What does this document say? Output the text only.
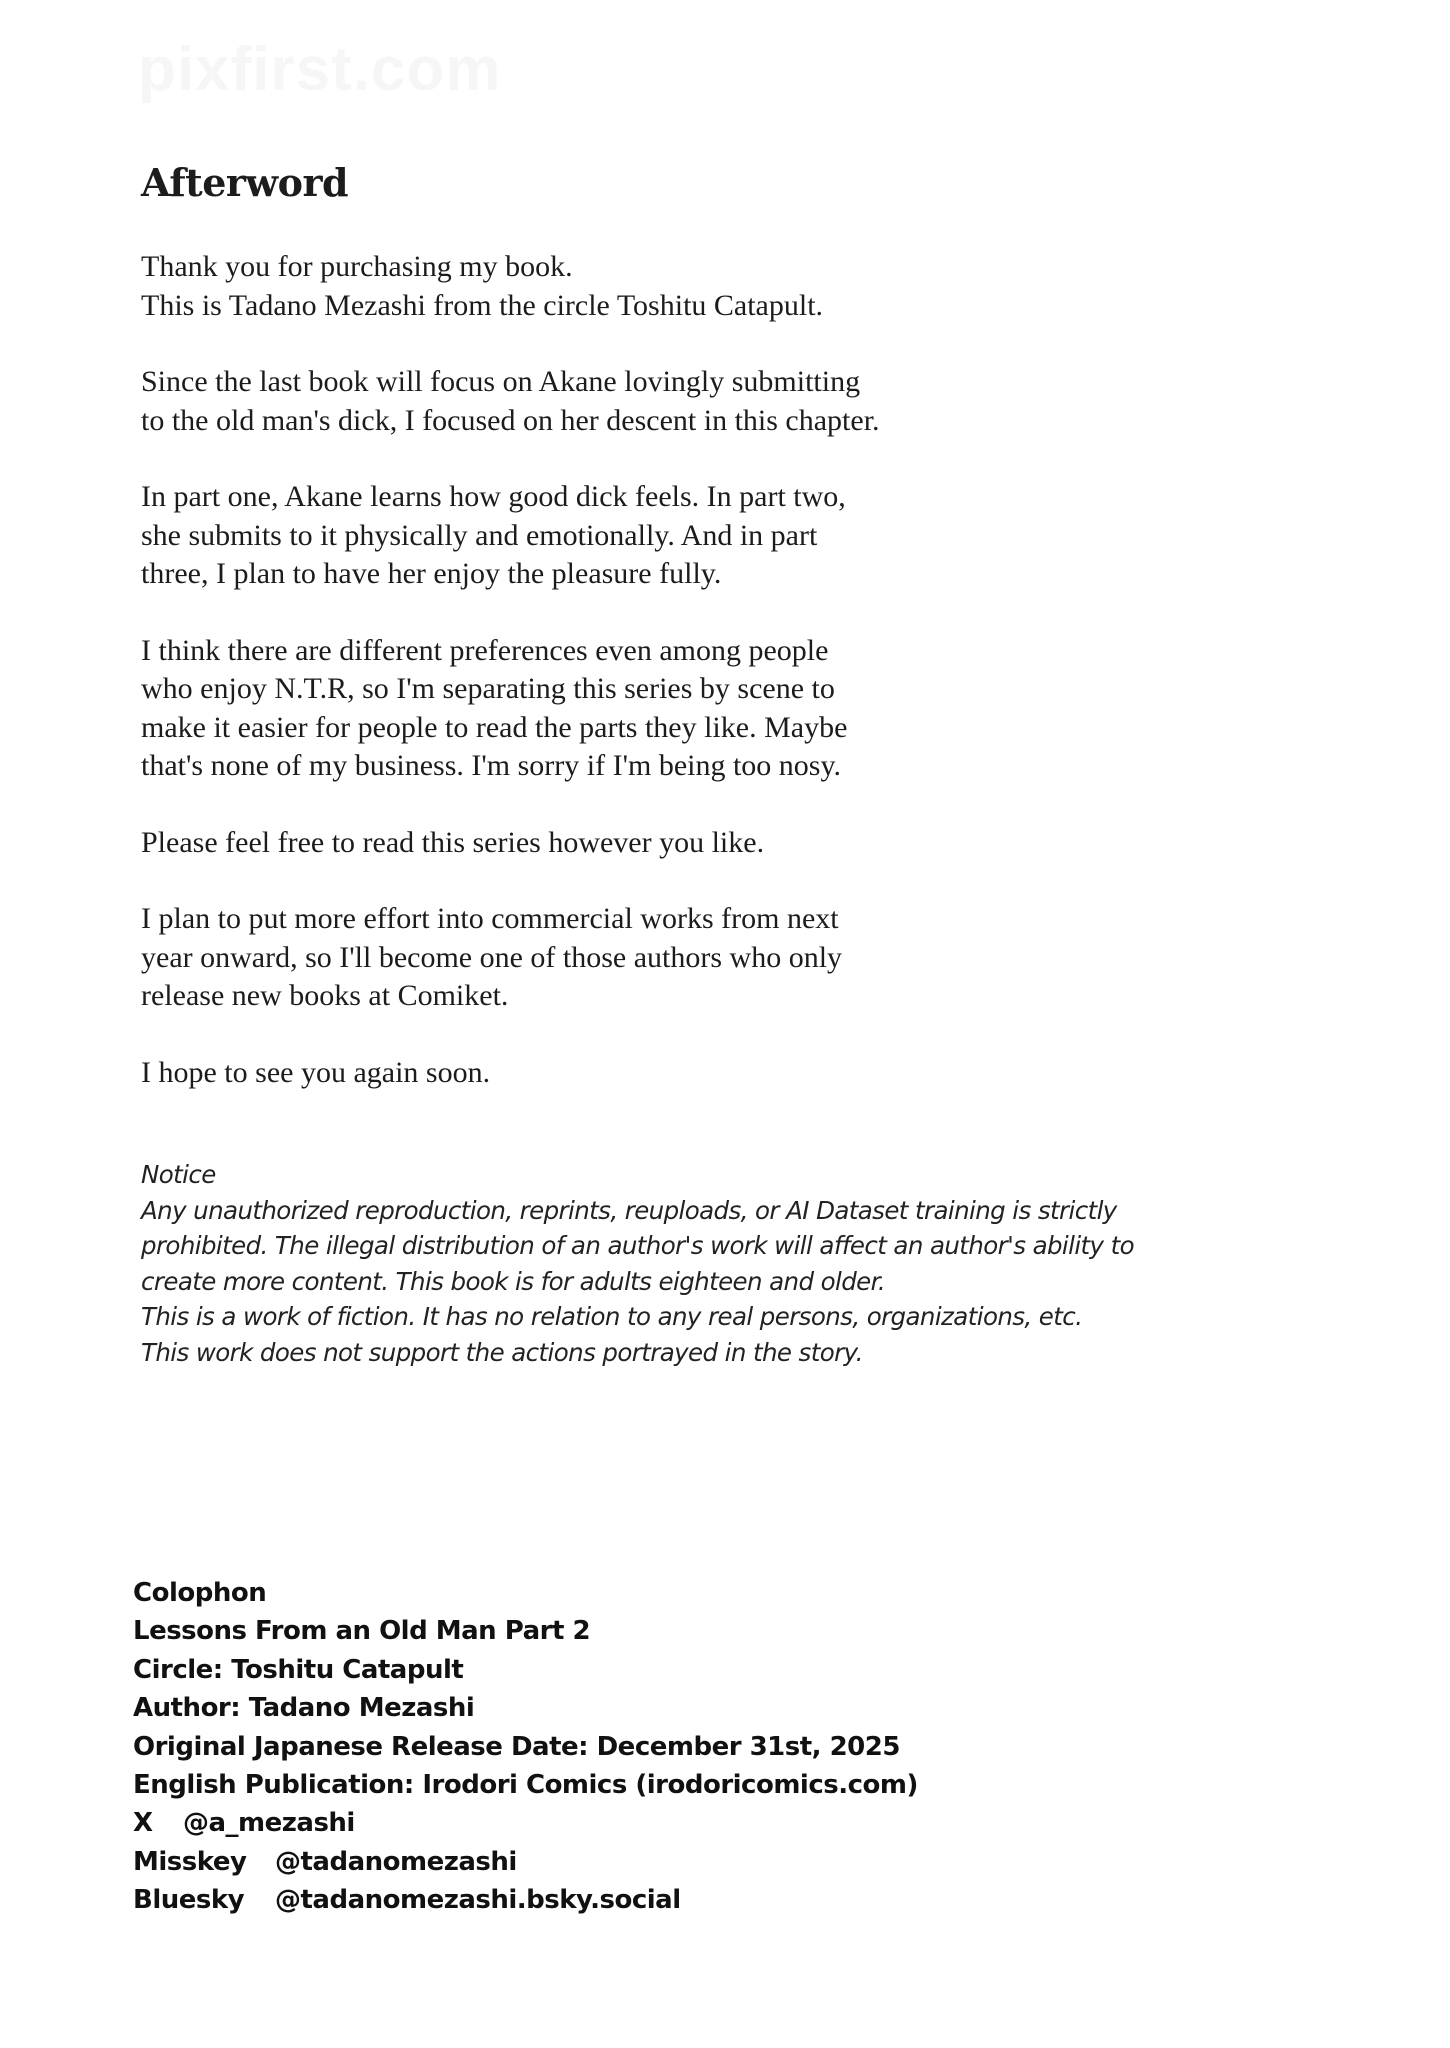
pixfirst.com
Afterword

Thank you for purchasing my book.
This is Tadano Mezashi from the circle Toshitu Catapult.

Since the last book will focus on Akane lovingly submitting
to the old man's dick, I focused on her descent in this chapter.

In part one, Akane learns how good dick feels. In part two,
she submits to it physically and emotionally. And in part
three, I plan to have her enjoy the pleasure fully.

I think there are different preferences even among people
who enjoy N.T.R, so I'm separating this series by scene to
make it easier for people to read the parts they like. Maybe
that's none of my business. I'm sorry if I'm being too nosy.

Please feel free to read this series however you like.

I plan to put more effort into commercial works from next
year onward, so I'll become one of those authors who only
release new books at Comiket.

I hope to see you again soon.

Notice
Any unauthorized reproduction, reprints, reuploads, or AI Dataset training is strictly
prohibited. The illegal distribution of an author's work will affect an author's ability to
create more content. This book is for adults eighteen and older.
This is a work of fiction. It has no relation to any real persons, organizations, etc.
This work does not support the actions portrayed in the story.
Colophon
Lessons From an Old Man Part 2
Circle: Toshitu Catapult
Author: Tadano Mezashi
Original Japanese Release Date: December 31st, 2025
English Publication: Irodori Comics (irodoricomics.com)
X @a_mezashi
Misskey @tadanomezashi
Bluesky @tadanomezashi.bsky.social
